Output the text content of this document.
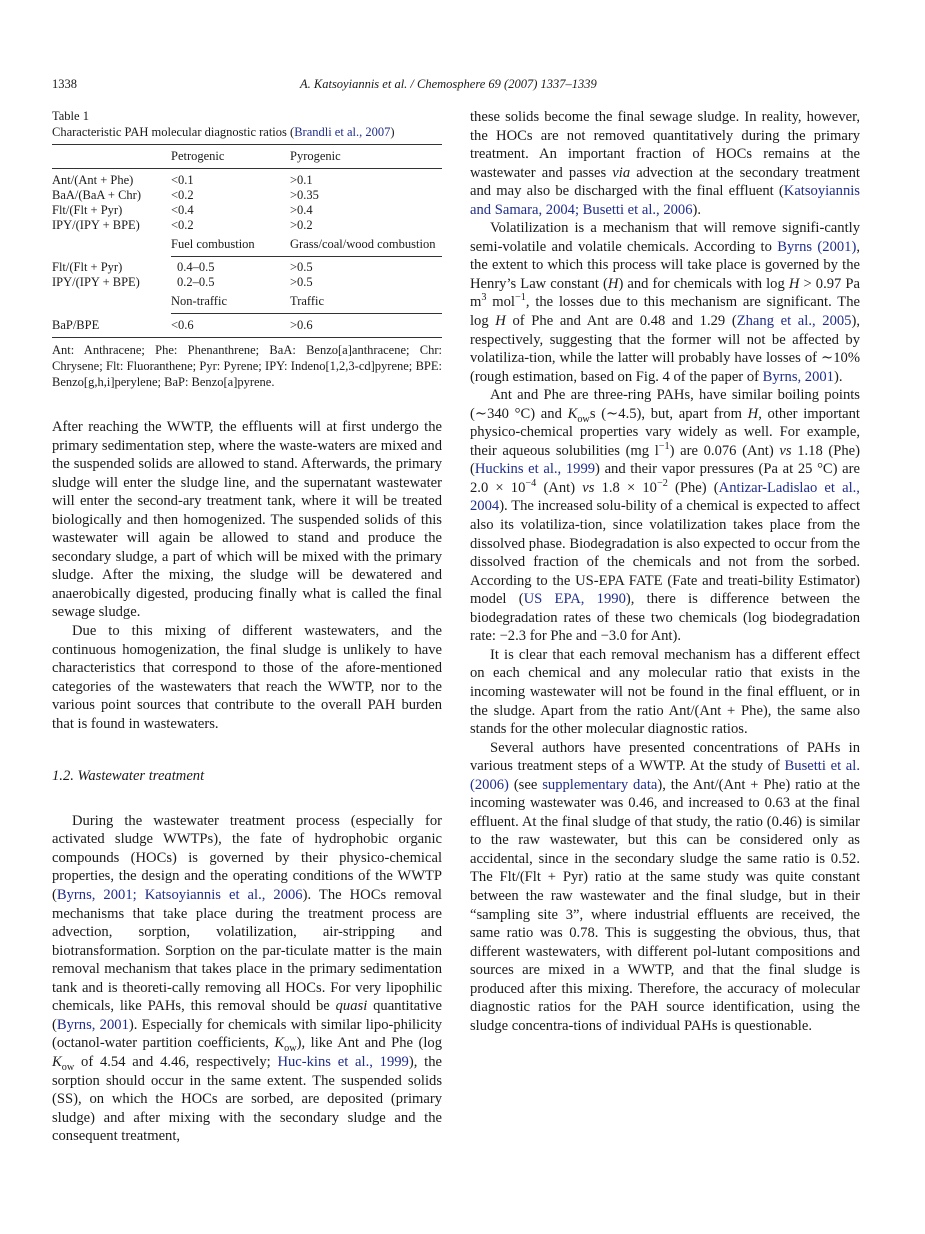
1338	A. Katsoyiannis et al. / Chemosphere 69 (2007) 1337–1339
Table 1
Characteristic PAH molecular diagnostic ratios (Brandli et al., 2007)
	Petrogenic	Pyrogenic

Ant/(Ant + Phe)	<0.1	>0.1
BaA/(BaA + Chr)	<0.2	>0.35
Flt/(Flt + Pyr)	<0.4	>0.4
IPY/(IPY + BPE)	<0.2	>0.2
	Fuel combustion	Grass/coal/wood combustion

Flt/(Flt + Pyr)	0.4–0.5	>0.5
IPY/(IPY + BPE)	0.2–0.5	>0.5
	Non-traffic	Traffic
BaP/BPE	<0.6	>0.6
Ant: Anthracene; Phe: Phenanthrene; BaA: Benzo[a]anthracene; Chr: Chrysene; Flt: Fluoranthene; Pyr: Pyrene; IPY: Indeno[1,2,3-cd]pyrene; BPE: Benzo[g,h,i]perylene; BaP: Benzo[a]pyrene.

After reaching the WWTP, the effluents will at first undergo the primary sedimentation step, where the waste-waters are mixed and the suspended solids are allowed to stand. Afterwards, the primary sludge will enter the sludge line, and the supernatant wastewater will enter the second-ary treatment tank, where it will be treated biologically and then homogenized. The suspended solids of this wastewater will again be allowed to stand and produce the secondary sludge, a part of which will be mixed with the primary sludge. After the mixing, the sludge will be dewatered and anaerobically digested, producing finally what is called the final sewage sludge.

Due to this mixing of different wastewaters, and the continuous homogenization, the final sludge is unlikely to have characteristics that correspond to those of the afore-mentioned categories of the wastewaters that reach the WWTP, nor to the various point sources that contribute to the overall PAH burden that is found in wastewaters.

1.2. Wastewater treatment

During the wastewater treatment process (especially for activated sludge WWTPs), the fate of hydrophobic organic compounds (HOCs) is governed by their physico-chemical properties, the design and the operating conditions of the WWTP (Byrns, 2001; Katsoyiannis et al., 2006). The HOCs removal mechanisms that take place during the treatment process are advection, sorption, volatilization, air-stripping and biotransformation. Sorption on the par-ticulate matter is the main removal mechanism that takes place in the primary sedimentation tank and is theoreti-cally removing all HOCs. For very lipophilic chemicals, like PAHs, this removal should be quasi quantitative (Byrns, 2001). Especially for chemicals with similar lipo-philicity (octanol-water partition coefficients, $K_{ow}$), like Ant and Phe (log $K_{ow}$ of 4.54 and 4.46, respectively; Huc-kins et al., 1999), the sorption should occur in the same extent. The suspended solids (SS), on which the HOCs are sorbed, are deposited (primary sludge) and after mixing with the secondary sludge and the consequent treatment,

these solids become the final sewage sludge. In reality, however, the HOCs are not removed quantitatively during the primary treatment. An important fraction of HOCs remains at the wastewater and passes via advection at the secondary treatment and may also be discharged with the final effluent (Katsoyiannis and Samara, 2004; Busetti et al., 2006).

Volatilization is a mechanism that will remove signifi-cantly semi-volatile and volatile chemicals. According to Byrns (2001), the extent to which this process will take place is governed by the Henry’s Law constant (H) and for chemicals with log H > 0.97 Pa $m^3$ mol$^{-1}$, the losses due to this mechanism are significant. The log H of Phe and Ant are 0.48 and 1.29 (Zhang et al., 2005), respectively, suggesting that the former will not be affected by volatiliza-tion, while the latter will probably have losses of ∼10% (rough estimation, based on Fig. 4 of the paper of Byrns, 2001).

Ant and Phe are three-ring PAHs, have similar boiling points (∼340 °C) and $K_{ow}s$ (∼4.5), but, apart from H, other important physico-chemical properties vary widely as well. For example, their aqueous solubilities (mg $l^{-1}$) are 0.076 (Ant) vs 1.18 (Phe) (Huckins et al., 1999) and their vapor pressures (Pa at 25 °C) are $2.0 \times 10^{-4}$ (Ant) vs $1.8 \times 10^{-2}$ (Phe) (Antizar-Ladislao et al., 2004). The increased solu-bility of a chemical is expected to affect also its volatiliza-tion, since volatilization takes place from the dissolved phase. Biodegradation is also expected to occur from the dissolved fraction of the chemicals and not from the sorbed. According to the US-EPA FATE (Fate and treati-bility Estimator) model (US EPA, 1990), there is difference between the biodegradation rates of these two chemicals (log biodegradation rate: −2.3 for Phe and −3.0 for Ant).

It is clear that each removal mechanism has a different effect on each chemical and any molecular ratio that exists in the incoming wastewater will not be found in the final effluent, or in the sludge. Apart from the ratio Ant/(Ant + Phe), the same also stands for the other molecular diagnostic ratios.

Several authors have presented concentrations of PAHs in various treatment steps of a WWTP. At the study of Busetti et al. (2006) (see supplementary data), the Ant/(Ant + Phe) ratio at the incoming wastewater was 0.46, and increased to 0.63 at the final effluent. At the final sludge of that study, the ratio (0.46) is similar to the raw wastewater, but this can be considered only as accidental, since in the secondary sludge the same ratio is 0.52. The Flt/(Flt + Pyr) ratio at the same study was quite constant between the raw wastewater and the final sludge, but in their “sampling site 3”, where industrial effluents are received, the same ratio was 0.78. This is suggesting the obvious, thus, that different wastewaters, with different pol-lutant compositions and sources are mixed in a WWTP, and that the final sludge is produced after this mixing. Therefore, the accuracy of molecular diagnostic ratios for the PAH source identification, using the sludge concentra-tions of individual PAHs is questionable.
